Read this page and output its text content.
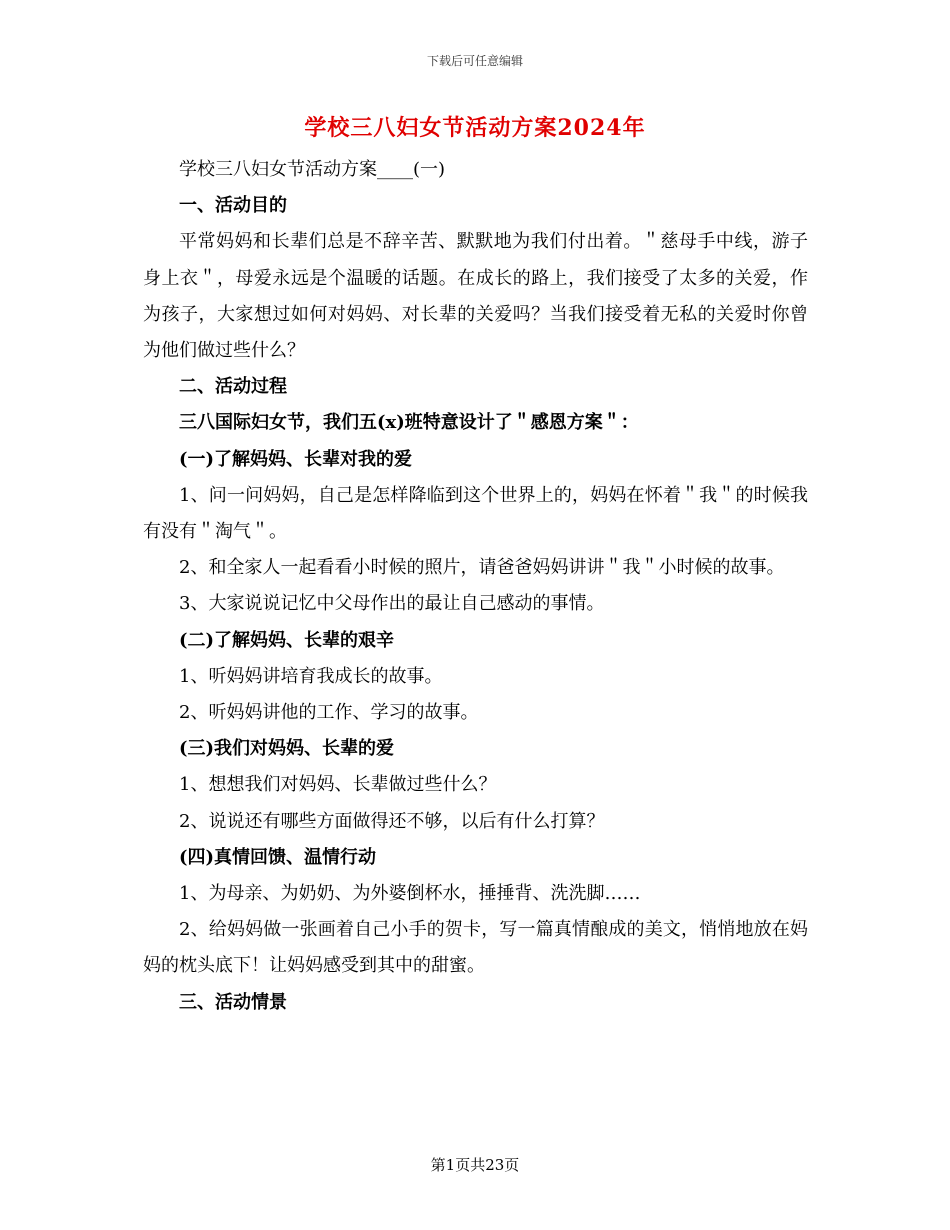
下载后可任意编辑
学校三八妇女节活动方案2024年

学校三八妇女节活动方案____(一)

一、活动目的

平常妈妈和长辈们总是不辞辛苦、默默地为我们付出着。＂慈母手中线，游子身上衣＂，母爱永远是个温暖的话题。在成长的路上，我们接受了太多的关爱，作为孩子，大家想过如何对妈妈、对长辈的关爱吗？当我们接受着无私的关爱时你曾为他们做过些什么？

二、活动过程

三八国际妇女节，我们五(x)班特意设计了＂感恩方案＂：

(一)了解妈妈、长辈对我的爱

1、问一问妈妈，自己是怎样降临到这个世界上的，妈妈在怀着＂我＂的时候我有没有＂淘气＂。

2、和全家人一起看看小时候的照片，请爸爸妈妈讲讲＂我＂小时候的故事。

3、大家说说记忆中父母作出的最让自己感动的事情。

(二)了解妈妈、长辈的艰辛

1、听妈妈讲培育我成长的故事。

2、听妈妈讲他的工作、学习的故事。

(三)我们对妈妈、长辈的爱

1、想想我们对妈妈、长辈做过些什么？

2、说说还有哪些方面做得还不够，以后有什么打算？

(四)真情回馈、温情行动

1、为母亲、为奶奶、为外婆倒杯水，捶捶背、洗洗脚……

2、给妈妈做一张画着自己小手的贺卡，写一篇真情酿成的美文，悄悄地放在妈妈的枕头底下！让妈妈感受到其中的甜蜜。

三、活动情景

第1页共23页
